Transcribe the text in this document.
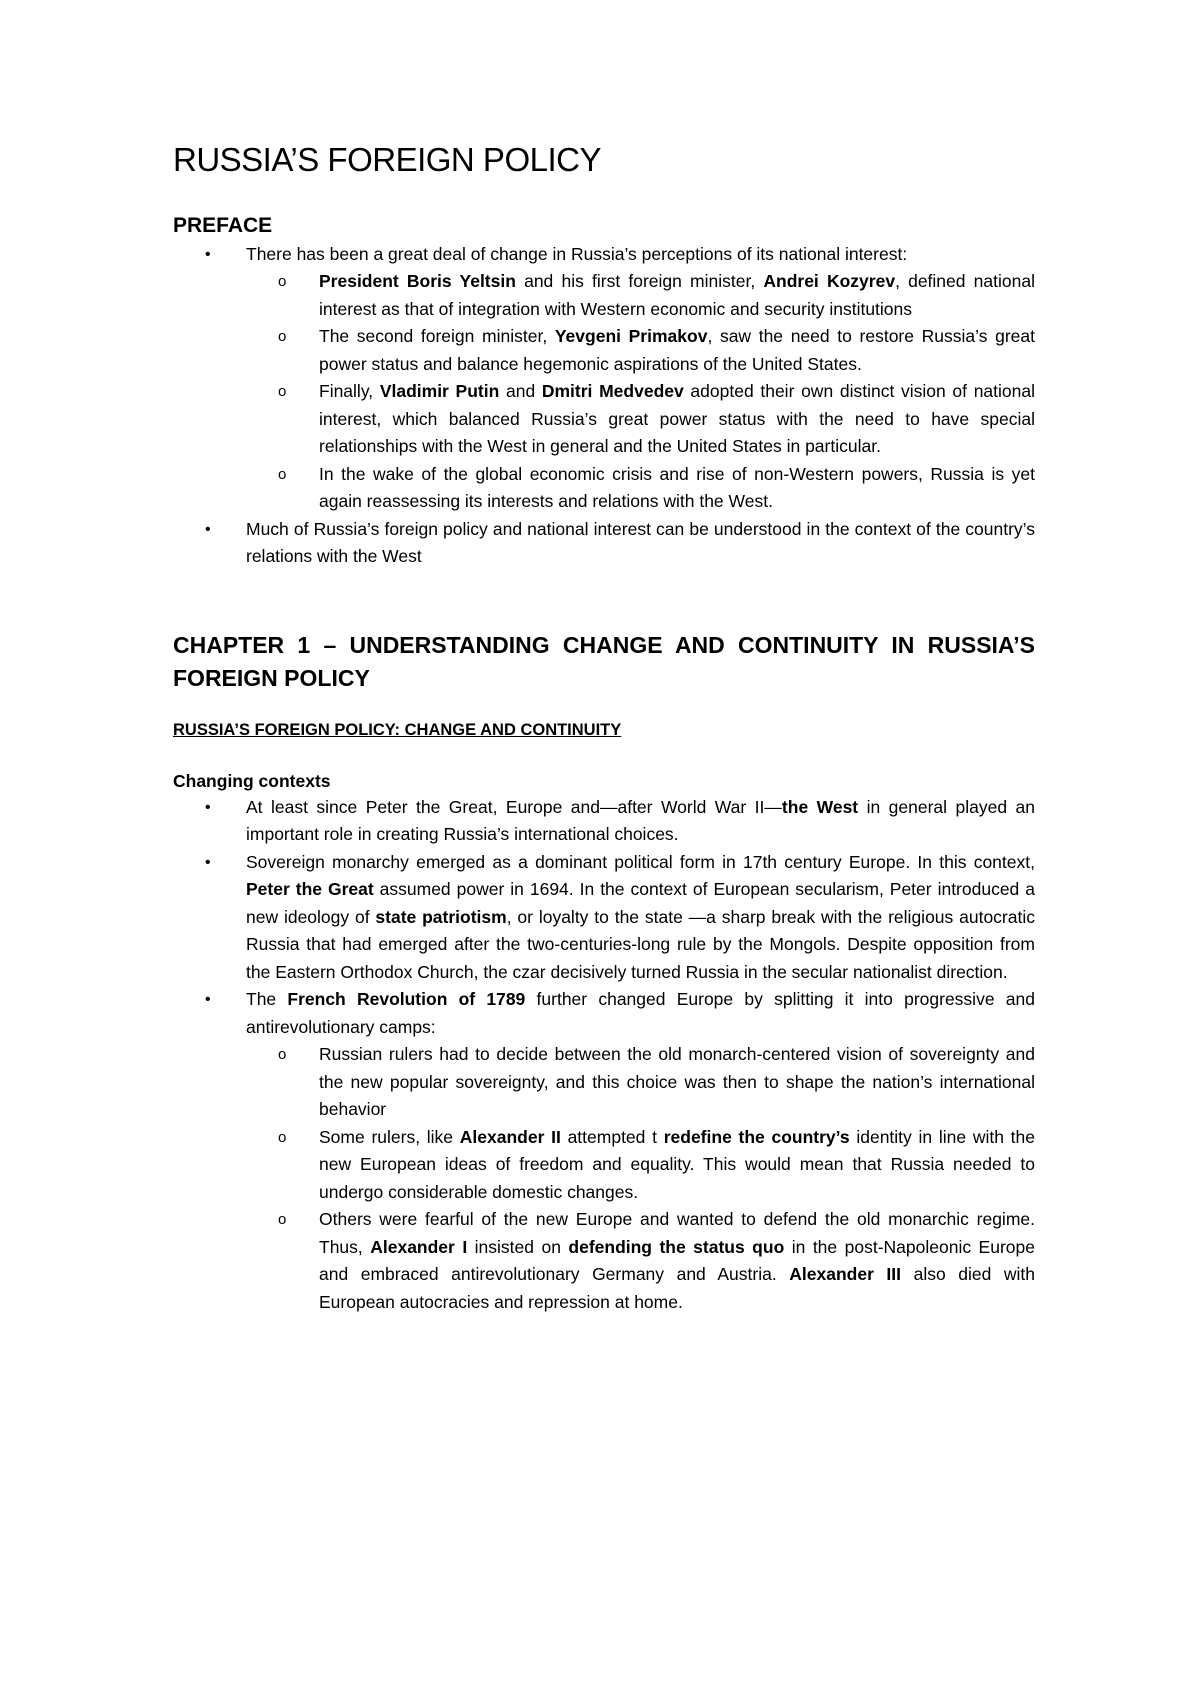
RUSSIA’S FOREIGN POLICY
PREFACE
• There has been a great deal of change in Russia’s perceptions of its national interest:
o President Boris Yeltsin and his first foreign minister, Andrei Kozyrev, defined national interest as that of integration with Western economic and security institutions
o The second foreign minister, Yevgeni Primakov, saw the need to restore Russia’s great power status and balance hegemonic aspirations of the United States.
o Finally, Vladimir Putin and Dmitri Medvedev adopted their own distinct vision of national interest, which balanced Russia’s great power status with the need to have special relationships with the West in general and the United States in particular.
o In the wake of the global economic crisis and rise of non-Western powers, Russia is yet again reassessing its interests and relations with the West.
• Much of Russia’s foreign policy and national interest can be understood in the context of the country’s relations with the West
CHAPTER 1 – UNDERSTANDING CHANGE AND CONTINUITY IN RUSSIA’S FOREIGN POLICY
RUSSIA’S FOREIGN POLICY: CHANGE AND CONTINUITY
Changing contexts
• At least since Peter the Great, Europe and—after World War II—the West in general played an important role in creating Russia’s international choices.
• Sovereign monarchy emerged as a dominant political form in 17th century Europe. In this context, Peter the Great assumed power in 1694. In the context of European secularism, Peter introduced a new ideology of state patriotism, or loyalty to the state —a sharp break with the religious autocratic Russia that had emerged after the two-centuries-long rule by the Mongols. Despite opposition from the Eastern Orthodox Church, the czar decisively turned Russia in the secular nationalist direction.
• The French Revolution of 1789 further changed Europe by splitting it into progressive and antirevolutionary camps:
o Russian rulers had to decide between the old monarch-centered vision of sovereignty and the new popular sovereignty, and this choice was then to shape the nation’s international behavior
o Some rulers, like Alexander II attempted t redefine the country’s identity in line with the new European ideas of freedom and equality. This would mean that Russia needed to undergo considerable domestic changes.
o Others were fearful of the new Europe and wanted to defend the old monarchic regime. Thus, Alexander I insisted on defending the status quo in the post-Napoleonic Europe and embraced antirevolutionary Germany and Austria. Alexander III also died with European autocracies and repression at home.
